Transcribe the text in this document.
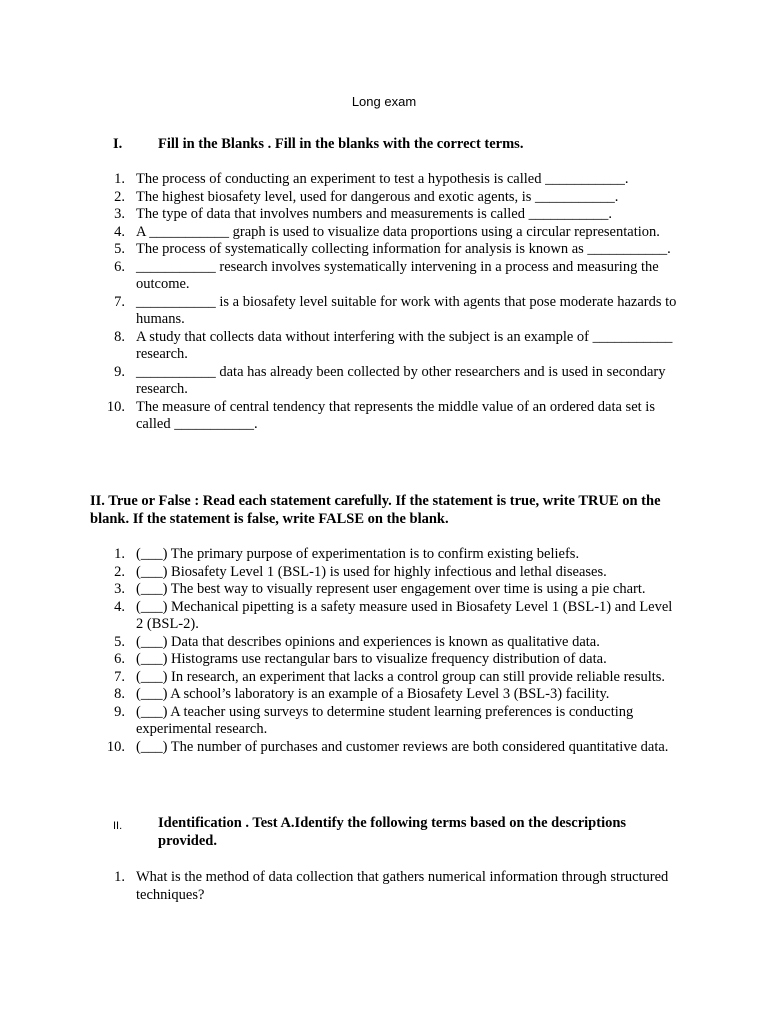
Long exam
I. Fill in the Blanks . Fill in the blanks with the correct terms.
1. The process of conducting an experiment to test a hypothesis is called ___________.
2. The highest biosafety level, used for dangerous and exotic agents, is ___________.
3. The type of data that involves numbers and measurements is called ___________.
4. A ___________ graph is used to visualize data proportions using a circular representation.
5. The process of systematically collecting information for analysis is known as ___________.
6. ___________ research involves systematically intervening in a process and measuring the outcome.
7. ___________ is a biosafety level suitable for work with agents that pose moderate hazards to humans.
8. A study that collects data without interfering with the subject is an example of ___________ research.
9. ___________ data has already been collected by other researchers and is used in secondary research.
10. The measure of central tendency that represents the middle value of an ordered data set is called ___________.
II. True or False : Read each statement carefully. If the statement is true, write TRUE on the blank. If the statement is false, write FALSE on the blank.
1. (___) The primary purpose of experimentation is to confirm existing beliefs.
2. (___) Biosafety Level 1 (BSL-1) is used for highly infectious and lethal diseases.
3. (___) The best way to visually represent user engagement over time is using a pie chart.
4. (___) Mechanical pipetting is a safety measure used in Biosafety Level 1 (BSL-1) and Level 2 (BSL-2).
5. (___) Data that describes opinions and experiences is known as qualitative data.
6. (___) Histograms use rectangular bars to visualize frequency distribution of data.
7. (___) In research, an experiment that lacks a control group can still provide reliable results.
8. (___) A school’s laboratory is an example of a Biosafety Level 3 (BSL-3) facility.
9. (___) A teacher using surveys to determine student learning preferences is conducting experimental research.
10. (___) The number of purchases and customer reviews are both considered quantitative data.
II. Identification . Test A.Identify the following terms based on the descriptions provided.
1. What is the method of data collection that gathers numerical information through structured techniques?
